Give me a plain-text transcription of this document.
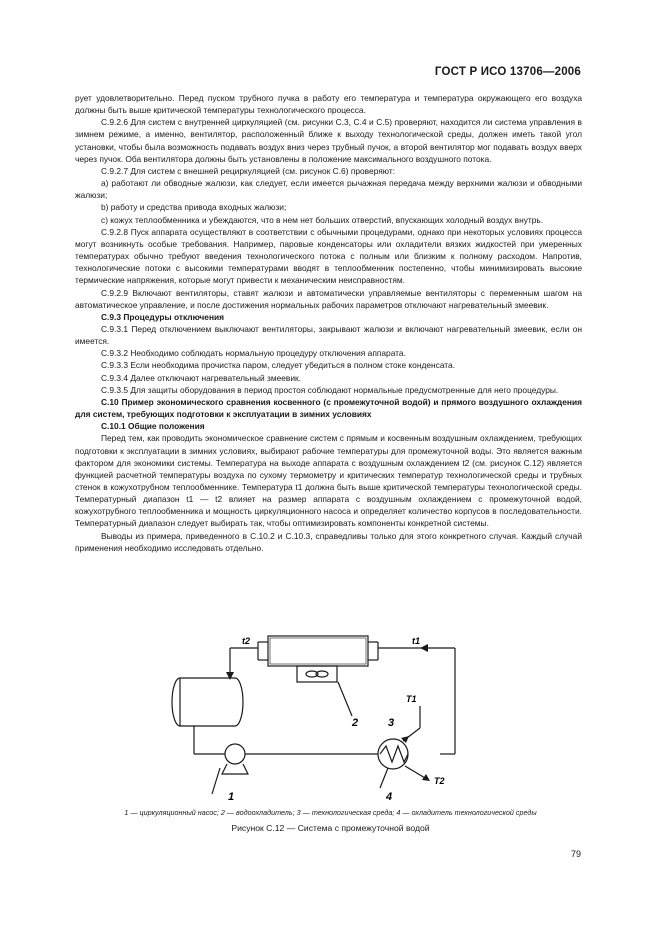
ГОСТ Р ИСО 13706—2006

рует удовлетворительно. Перед пуском трубного пучка в работу его температура и температура окружающего его воздуха должны быть выше критической температуры технологического процесса.

С.9.2.6 Для систем с внутренней циркуляцией (см. рисунки С.3, С.4 и С.5) проверяют, находится ли система управления в зимнем режиме, а именно, вентилятор, расположенный ближе к выходу технологической среды, должен иметь такой угол установки, чтобы была возможность подавать воздух вниз через трубный пучок, а второй вентилятор мог подавать воздух вверх через пучок. Оба вентилятора должны быть установлены в положение максимального воздушного потока.

С.9.2.7 Для систем с внешней рециркуляцией (см. рисунок С.6) проверяют:

a) работают ли обводные жалюзи, как следует, если имеется рычажная передача между верхними жалюзи и обводными жалюзи;

b) работу и средства привода входных жалюзи;

c) кожух теплообменника и убеждаются, что в нем нет больших отверстий, впускающих холодный воздух внутрь.

С.9.2.8 Пуск аппарата осуществляют в соответствии с обычными процедурами, однако при некоторых условиях процесса могут возникнуть особые требования. Например, паровые конденсаторы или охладители вязких жидкостей при умеренных температурах обычно требуют введения технологического потока с полным или близким к полному расходом. Напротив, технологические потоки с высокими температурами вводят в теплообменник постепенно, чтобы минимизировать высокие термические напряжения, которые могут привести к механическим неисправностям.

С.9.2.9 Включают вентиляторы, ставят жалюзи и автоматически управляемые вентиляторы с переменным шагом на автоматическое управление, и после достижения нормальных рабочих параметров отключают нагревательный змеевик.

С.9.3 Процедуры отключения

С.9.3.1 Перед отключением выключают вентиляторы, закрывают жалюзи и включают нагревательный змеевик, если он имеется.

С.9.3.2 Необходимо соблюдать нормальную процедуру отключения аппарата.

С.9.3.3 Если необходима прочистка паром, следует убедиться в полном стоке конденсата.

С.9.3.4 Далее отключают нагревательный змеевик.

С.9.3.5 Для защиты оборудования в период простоя соблюдают нормальные предусмотренные для него процедуры.

С.10 Пример экономического сравнения косвенного (с промежуточной водой) и прямого воздушного охлаждения для систем, требующих подготовки к эксплуатации в зимних условиях

С.10.1 Общие положения

Перед тем, как проводить экономическое сравнение систем с прямым и косвенным воздушным охлаждением, требующих подготовки к эксплуатации в зимних условиях, выбирают рабочие температуры для промежуточной воды. Это является важным фактором для экономики системы. Температура на выходе аппарата с воздушным охлаждением t2 (см. рисунок С.12) является функцией расчетной температуры воздуха по сухому термометру и критических температур технологической среды и трубных стенок в кожухотрубном теплообменнике. Температура t1 должна быть выше критической температуры технологической среды. Температурный диапазон t1 — t2 влияет на размер аппарата с воздушным охлаждением с промежуточной водой, кожухотрубного теплообменника и мощность циркуляционного насоса и определяет количество корпусов в последовательности. Температурный диапазон следует выбирать так, чтобы оптимизировать компоненты конкретной системы.

Выводы из примера, приведенного в С.10.2 и С.10.3, справедливы только для этого конкретного случая. Каждый случай применения необходимо исследовать отдельно.

t2	t1
T1
T2
2	3
1	4
1 — циркуляционный насос; 2 — водоохладитель; 3 — технологическая среда; 4 — охладитель технологической среды
Рисунок С.12 — Система с промежуточной водой
79
